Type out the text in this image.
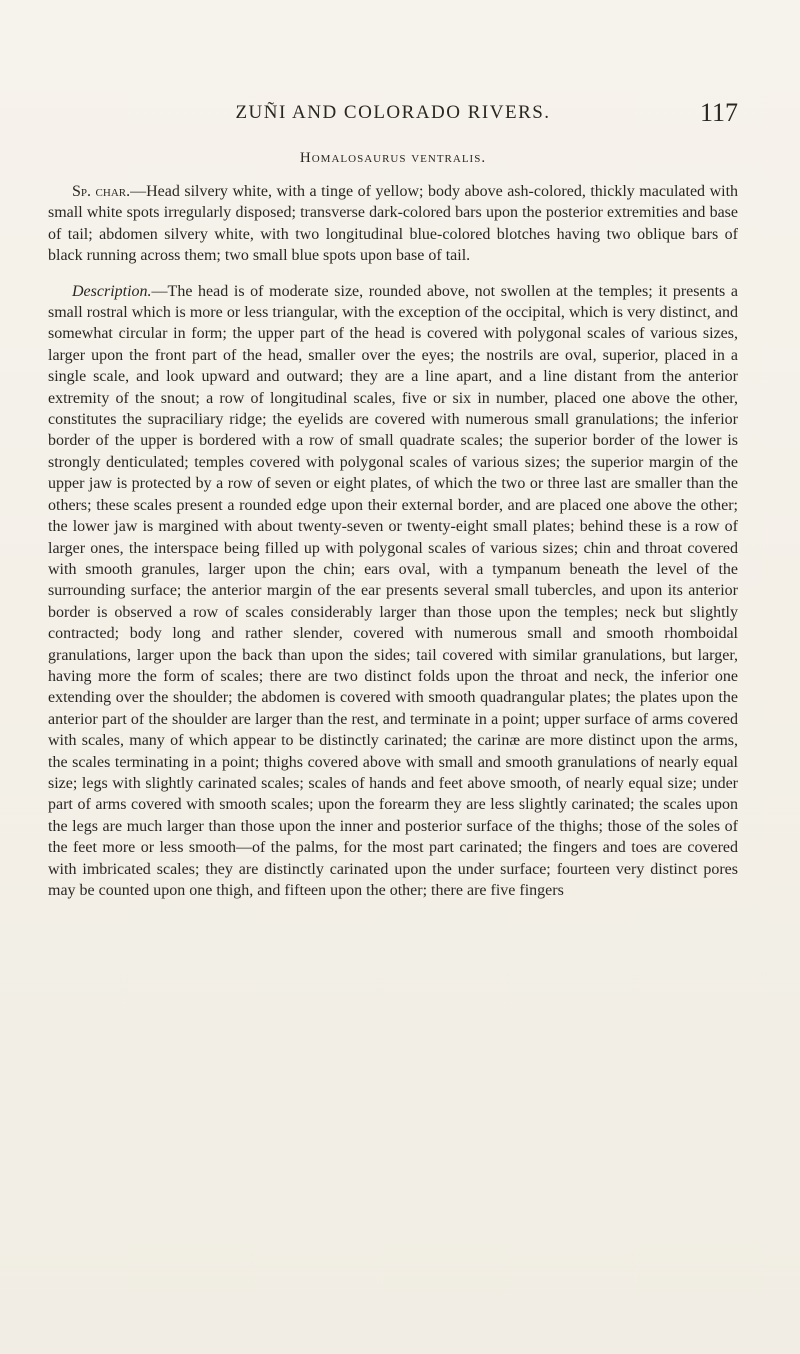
ZUÑI AND COLORADO RIVERS.	117
Homalosaurus ventralis.

Sp. char.—Head silvery white, with a tinge of yellow; body above ash-colored, thickly maculated with small white spots irregularly disposed; transverse dark-colored bars upon the posterior extremities and base of tail; abdomen silvery white, with two longitudinal blue-colored blotches having two oblique bars of black running across them; two small blue spots upon base of tail.

Description.—The head is of moderate size, rounded above, not swollen at the temples; it presents a small rostral which is more or less triangular, with the exception of the occipital, which is very distinct, and somewhat circular in form; the upper part of the head is covered with polygonal scales of various sizes, larger upon the front part of the head, smaller over the eyes; the nostrils are oval, superior, placed in a single scale, and look upward and outward; they are a line apart, and a line distant from the anterior extremity of the snout; a row of longitudinal scales, five or six in number, placed one above the other, constitutes the supraciliary ridge; the eyelids are covered with numerous small granulations; the inferior border of the upper is bordered with a row of small quadrate scales; the superior border of the lower is strongly denticulated; temples covered with polygonal scales of various sizes; the superior margin of the upper jaw is protected by a row of seven or eight plates, of which the two or three last are smaller than the others; these scales present a rounded edge upon their external border, and are placed one above the other; the lower jaw is margined with about twenty-seven or twenty-eight small plates; behind these is a row of larger ones, the interspace being filled up with polygonal scales of various sizes; chin and throat covered with smooth granules, larger upon the chin; ears oval, with a tympanum beneath the level of the surrounding surface; the anterior margin of the ear presents several small tubercles, and upon its anterior border is observed a row of scales considerably larger than those upon the temples; neck but slightly contracted; body long and rather slender, covered with numerous small and smooth rhomboidal granulations, larger upon the back than upon the sides; tail covered with similar granulations, but larger, having more the form of scales; there are two distinct folds upon the throat and neck, the inferior one extending over the shoulder; the abdomen is covered with smooth quadrangular plates; the plates upon the anterior part of the shoulder are larger than the rest, and terminate in a point; upper surface of arms covered with scales, many of which appear to be distinctly carinated; the carinæ are more distinct upon the arms, the scales terminating in a point; thighs covered above with small and smooth granulations of nearly equal size; legs with slightly carinated scales; scales of hands and feet above smooth, of nearly equal size; under part of arms covered with smooth scales; upon the forearm they are less slightly carinated; the scales upon the legs are much larger than those upon the inner and posterior surface of the thighs; those of the soles of the feet more or less smooth—of the palms, for the most part carinated; the fingers and toes are covered with imbricated scales; they are distinctly carinated upon the under surface; fourteen very distinct pores may be counted upon one thigh, and fifteen upon the other; there are five fingers
